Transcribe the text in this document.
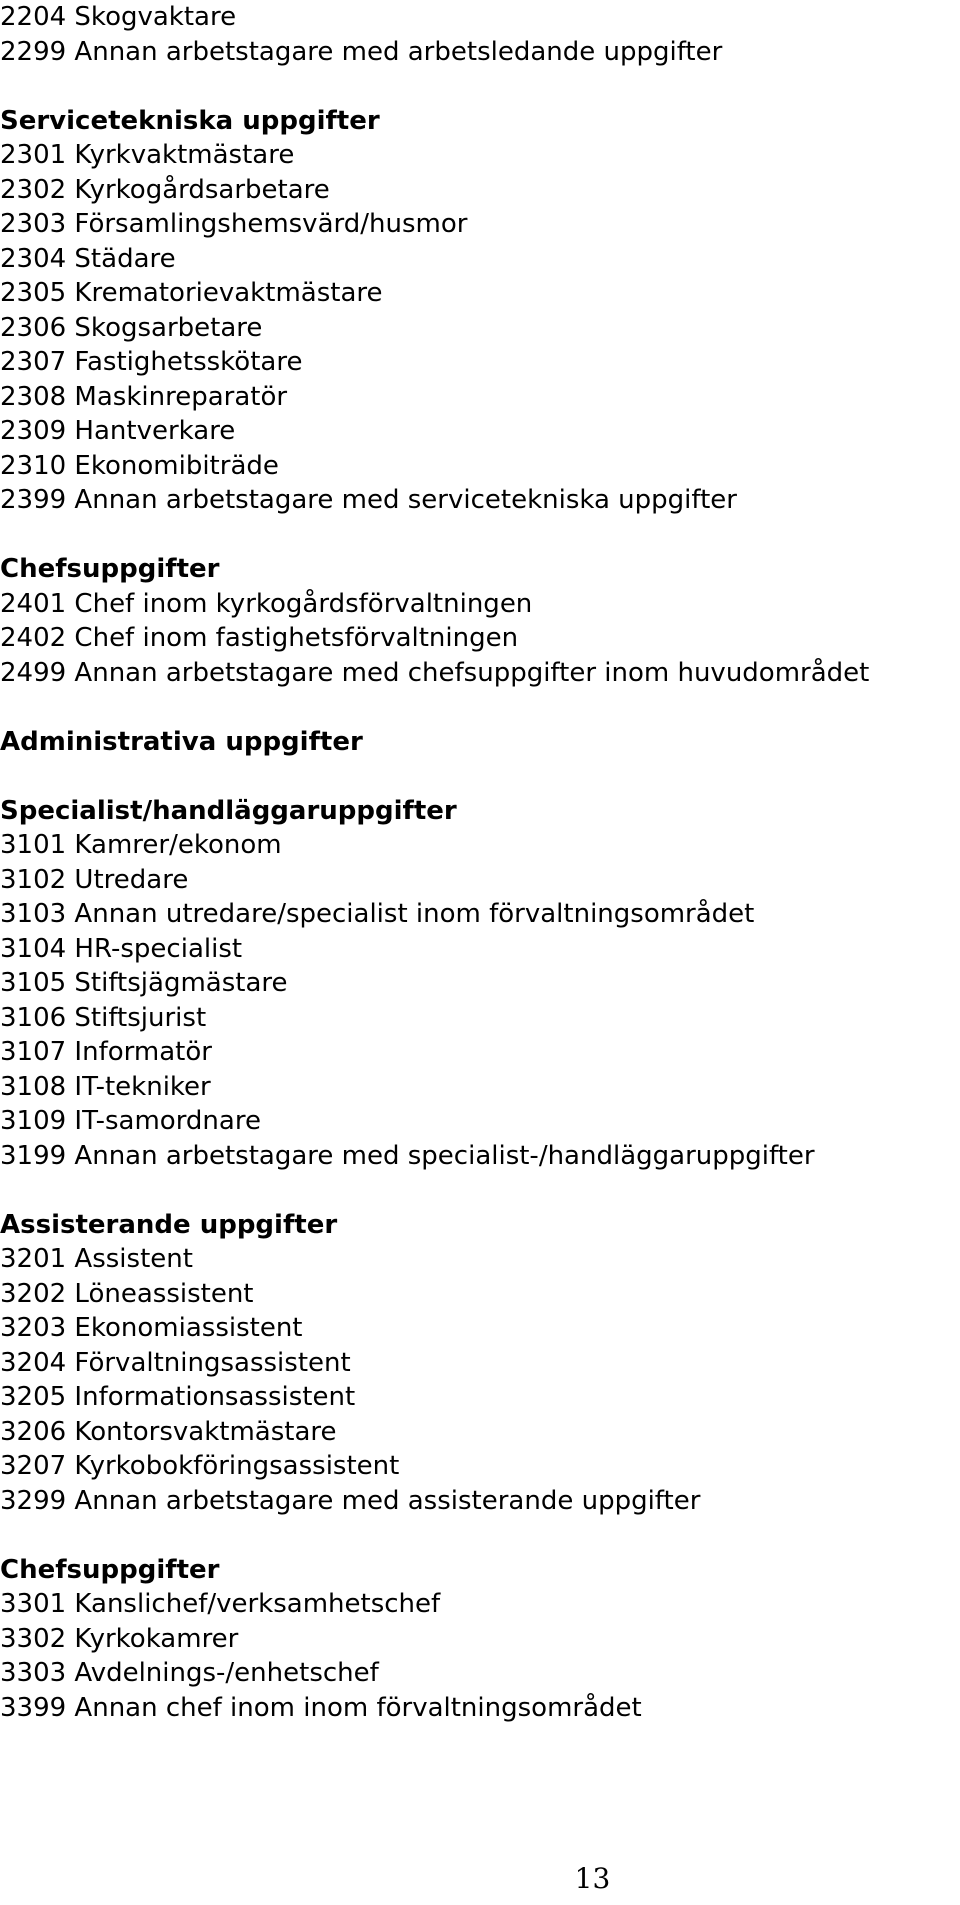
2204 Skogvaktare

2299 Annan arbetstagare med arbetsledande uppgifter

Servicetekniska uppgifter

2301 Kyrkvaktmästare

2302 Kyrkogårdsarbetare

2303 Församlingshemsvärd/husmor

2304 Städare

2305 Krematorievaktmästare

2306 Skogsarbetare

2307 Fastighetsskötare

2308 Maskinreparatör

2309 Hantverkare

2310 Ekonomibiträde

2399 Annan arbetstagare med servicetekniska uppgifter

Chefsuppgifter

2401 Chef inom kyrkogårdsförvaltningen

2402 Chef inom fastighetsförvaltningen

2499 Annan arbetstagare med chefsuppgifter inom huvudområdet

Administrativa uppgifter

Specialist/handläggaruppgifter

3101 Kamrer/ekonom

3102 Utredare

3103 Annan utredare/specialist inom förvaltningsområdet

3104 HR-specialist

3105 Stiftsjägmästare

3106 Stiftsjurist

3107 Informatör

3108 IT-tekniker

3109 IT-samordnare

3199 Annan arbetstagare med specialist-/handläggaruppgifter

Assisterande uppgifter

3201 Assistent

3202 Löneassistent

3203 Ekonomiassistent

3204 Förvaltningsassistent

3205 Informationsassistent

3206 Kontorsvaktmästare

3207 Kyrkobokföringsassistent

3299 Annan arbetstagare med assisterande uppgifter

Chefsuppgifter

3301 Kanslichef/verksamhetschef

3302 Kyrkokamrer

3303 Avdelnings-/enhetschef

3399 Annan chef inom inom förvaltningsområdet

13
